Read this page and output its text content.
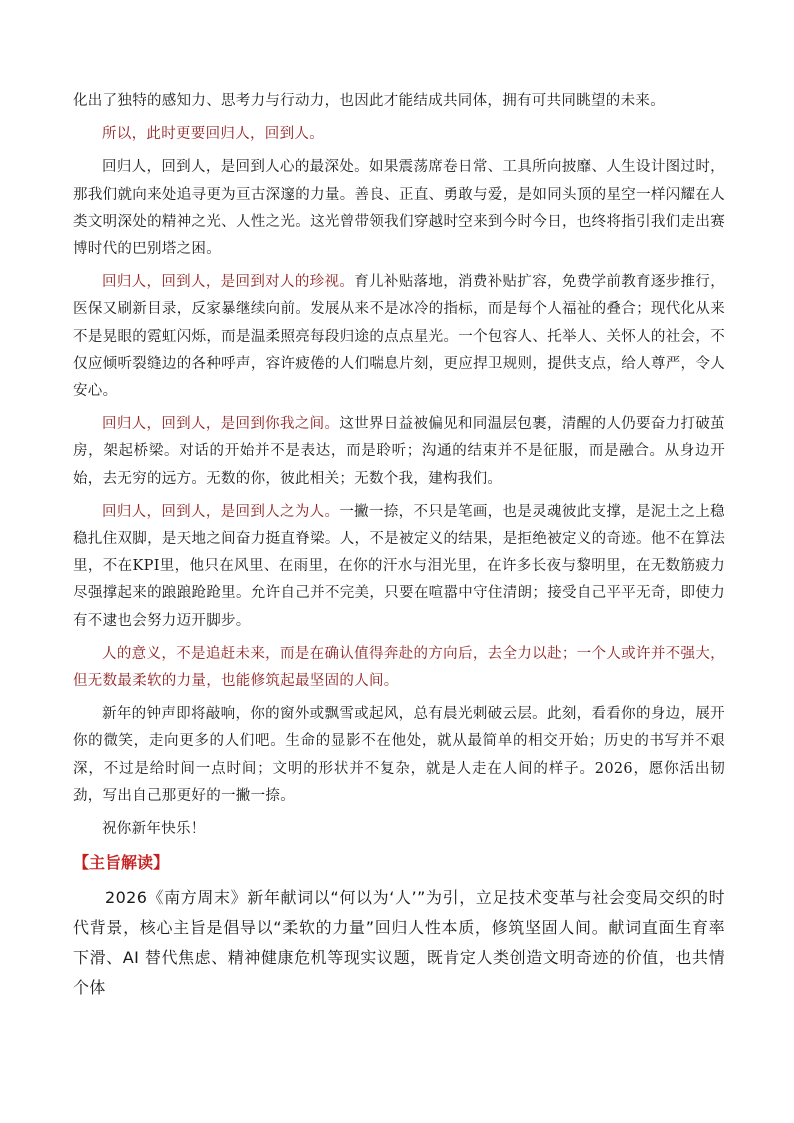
化出了独特的感知力、思考力与行动力，也因此才能结成共同体，拥有可共同眺望的未来。

所以，此时更要回归人，回到人。

回归人，回到人，是回到人心的最深处。如果震荡席卷日常、工具所向披靡、人生设计图过时，那我们就向来处追寻更为亘古深邃的力量。善良、正直、勇敢与爱，是如同头顶的星空一样闪耀在人类文明深处的精神之光、人性之光。这光曾带领我们穿越时空来到今时今日，也终将指引我们走出赛博时代的巴别塔之困。

回归人，回到人，是回到对人的珍视。育儿补贴落地，消费补贴扩容，免费学前教育逐步推行，医保又刷新目录，反家暴继续向前。发展从来不是冰冷的指标，而是每个人福祉的叠合；现代化从来不是晃眼的霓虹闪烁，而是温柔照亮每段归途的点点星光。一个包容人、托举人、关怀人的社会，不仅应倾听裂缝边的各种呼声，容许疲倦的人们喘息片刻，更应捍卫规则，提供支点，给人尊严，令人安心。

回归人，回到人，是回到你我之间。这世界日益被偏见和同温层包裹，清醒的人仍要奋力打破茧房，架起桥梁。对话的开始并不是表达，而是聆听；沟通的结束并不是征服，而是融合。从身边开始，去无穷的远方。无数的你，彼此相关；无数个我，建构我们。

回归人，回到人，是回到人之为人。一撇一捺，不只是笔画，也是灵魂彼此支撑，是泥土之上稳稳扎住双脚，是天地之间奋力挺直脊梁。人，不是被定义的结果，是拒绝被定义的奇迹。他不在算法里，不在KPI里，他只在风里、在雨里，在你的汗水与泪光里，在许多长夜与黎明里，在无数筋疲力尽强撑起来的踉踉跄跄里。允许自己并不完美，只要在喧嚣中守住清朗；接受自己平平无奇，即使力有不逮也会努力迈开脚步。

人的意义，不是追赶未来，而是在确认值得奔赴的方向后，去全力以赴；一个人或许并不强大，但无数最柔软的力量，也能修筑起最坚固的人间。

新年的钟声即将敲响，你的窗外或飘雪或起风，总有晨光刺破云层。此刻，看看你的身边，展开你的微笑，走向更多的人们吧。生命的显影不在他处，就从最简单的相交开始；历史的书写并不艰深，不过是给时间一点时间；文明的形状并不复杂，就是人走在人间的样子。2026，愿你活出韧劲，写出自己那更好的一撇一捺。

祝你新年快乐！

【主旨解读】

2026《南方周末》新年献词以“何以为‘人’”为引，立足技术变革与社会变局交织的时代背景，核心主旨是倡导以“柔软的力量”回归人性本质，修筑坚固人间。献词直面生育率下滑、AI 替代焦虑、精神健康危机等现实议题，既肯定人类创造文明奇迹的价值，也共情个体
